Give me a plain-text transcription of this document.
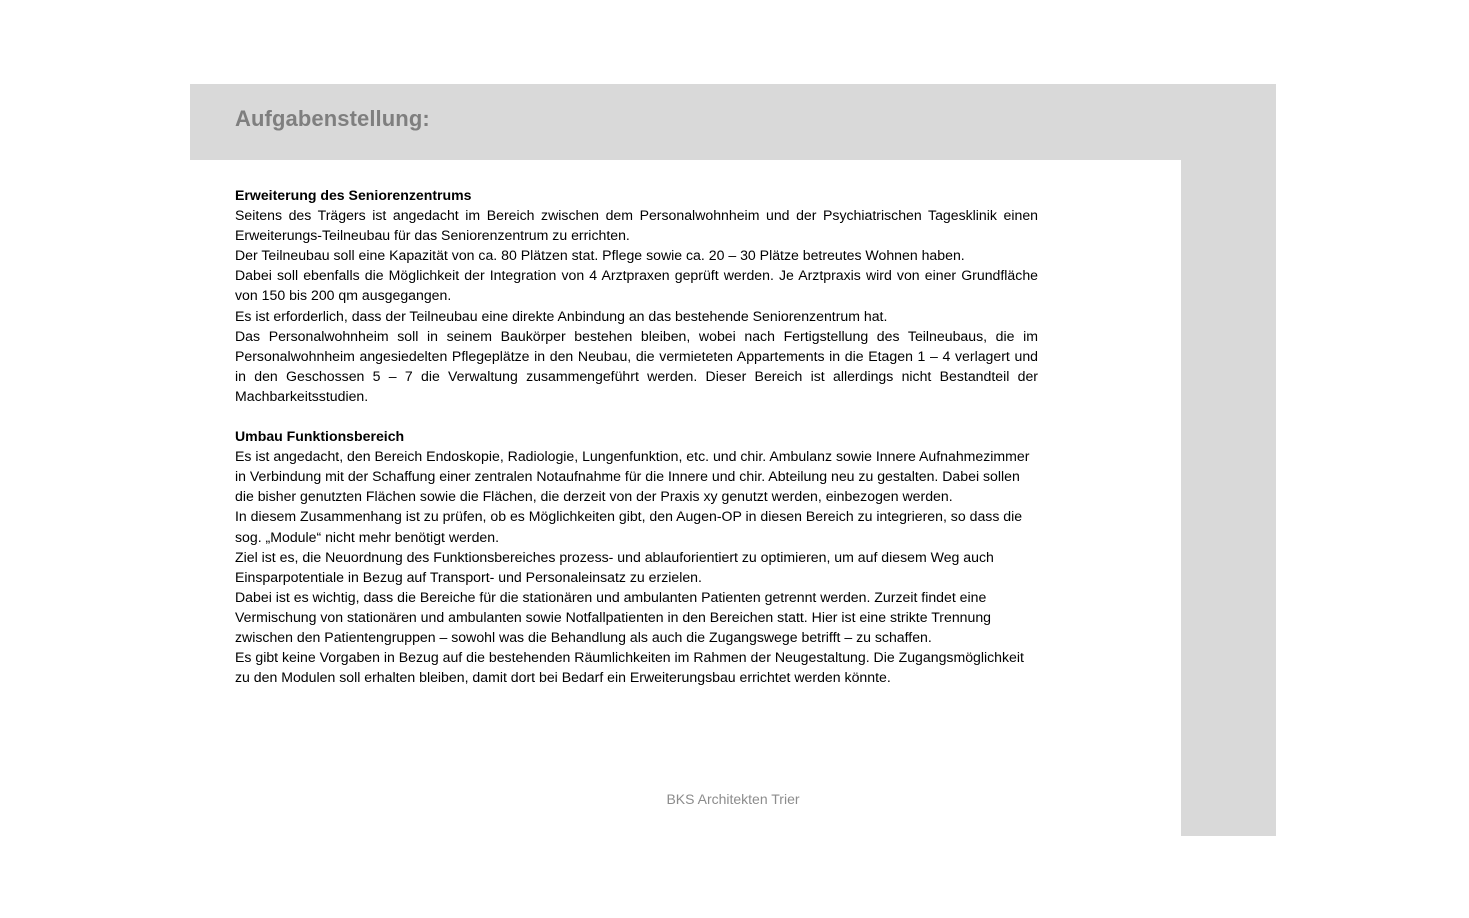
Aufgabenstellung:
Erweiterung des Seniorenzentrums

Seitens des Trägers ist angedacht im Bereich zwischen dem Personalwohnheim und der Psychiatrischen Tagesklinik einen Erweiterungs-Teilneubau für das Seniorenzentrum zu errichten.

Der Teilneubau soll eine Kapazität von ca. 80 Plätzen stat. Pflege sowie ca. 20 – 30 Plätze betreutes Wohnen haben.

Dabei soll ebenfalls die Möglichkeit der Integration von 4 Arztpraxen geprüft werden. Je Arztpraxis wird von einer Grundfläche von 150 bis 200 qm ausgegangen.

Es ist erforderlich, dass der Teilneubau eine direkte Anbindung an das bestehende Seniorenzentrum hat.

Das Personalwohnheim soll in seinem Baukörper bestehen bleiben, wobei nach Fertigstellung des Teilneubaus, die im Personalwohnheim angesiedelten Pflegeplätze in den Neubau, die vermieteten Appartements in die Etagen 1 – 4 verlagert und in den Geschossen 5 – 7 die Verwaltung zusammengeführt werden. Dieser Bereich ist allerdings nicht Bestandteil der Machbarkeitsstudien.

Umbau Funktionsbereich

Es ist angedacht, den Bereich Endoskopie, Radiologie, Lungenfunktion, etc. und chir. Ambulanz sowie Innere Aufnahmezimmer in Verbindung mit der Schaffung einer zentralen Notaufnahme für die Innere und chir. Abteilung neu zu gestalten. Dabei sollen die bisher genutzten Flächen sowie die Flächen, die derzeit von der Praxis xy genutzt werden, einbezogen werden.

In diesem Zusammenhang ist zu prüfen, ob es Möglichkeiten gibt, den Augen-OP in diesen Bereich zu integrieren, so dass die sog. „Module“ nicht mehr benötigt werden.

Ziel ist es, die Neuordnung des Funktionsbereiches prozess- und ablauforientiert zu optimieren, um auf diesem Weg auch Einsparpotentiale in Bezug auf Transport- und Personaleinsatz zu erzielen.

Dabei ist es wichtig, dass die Bereiche für die stationären und ambulanten Patienten getrennt werden. Zurzeit findet eine Vermischung von stationären und ambulanten sowie Notfallpatienten in den Bereichen statt. Hier ist eine strikte Trennung zwischen den Patientengruppen – sowohl was die Behandlung als auch die Zugangswege betrifft – zu schaffen.

Es gibt keine Vorgaben in Bezug auf die bestehenden Räumlichkeiten im Rahmen der Neugestaltung. Die Zugangsmöglichkeit zu den Modulen soll erhalten bleiben, damit dort bei Bedarf ein Erweiterungsbau errichtet werden könnte.

BKS Architekten Trier
